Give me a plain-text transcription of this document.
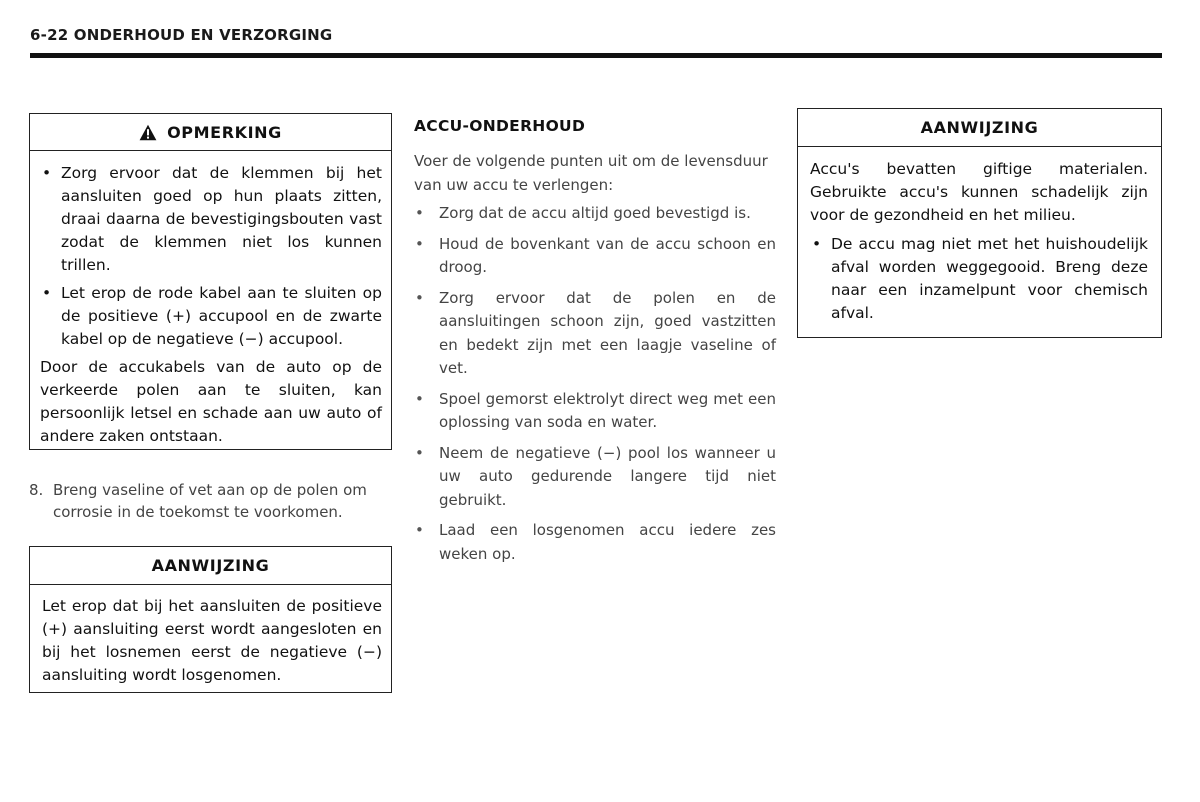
6-22 ONDERHOUD EN VERZORGING
OPMERKING
• Zorg ervoor dat de klemmen bij het aansluiten goed op hun plaats zitten, draai daarna de bevestigingsbouten vast zodat de klemmen niet los kunnen trillen.
• Let erop de rode kabel aan te sluiten op de positieve (+) accupool en de zwarte kabel op de negatieve (−) accupool.

Door de accukabels van de auto op de verkeerde polen aan te sluiten, kan persoonlijk letsel en schade aan uw auto of andere zaken ontstaan.

8. Breng vaseline of vet aan op de polen om corrosie in de toekomst te voorkomen.
AANWIJZING

Let erop dat bij het aansluiten de positieve (+) aansluiting eerst wordt aangesloten en bij het losnemen eerst de negatieve (−) aansluiting wordt losgenomen.

ACCU-ONDERHOUD

Voer de volgende punten uit om de levensduur van uw accu te verlengen:

• Zorg dat de accu altijd goed bevestigd is.
• Houd de bovenkant van de accu schoon en droog.
• Zorg ervoor dat de polen en de aansluitingen schoon zijn, goed vastzitten en bedekt zijn met een laagje vaseline of vet.
• Spoel gemorst elektrolyt direct weg met een oplossing van soda en water.
• Neem de negatieve (−) pool los wanneer u uw auto gedurende langere tijd niet gebruikt.
• Laad een losgenomen accu iedere zes weken op.
AANWIJZING

Accu's bevatten giftige materialen. Gebruikte accu's kunnen schadelijk zijn voor de gezondheid en het milieu.

• De accu mag niet met het huishoudelijk afval worden weggegooid. Breng deze naar een inzamelpunt voor chemisch afval.
